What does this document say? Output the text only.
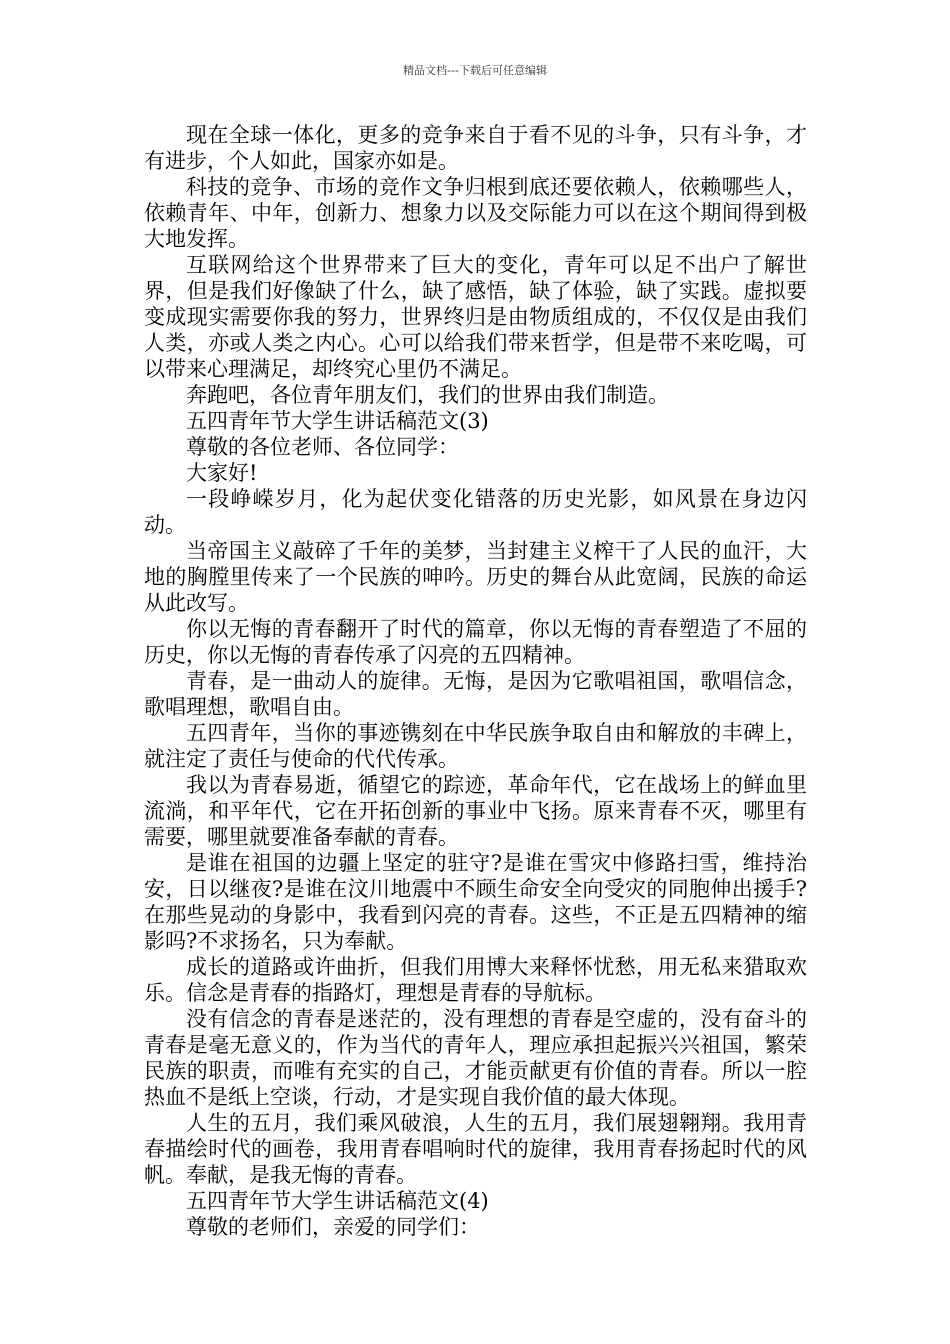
精品文档---下载后可任意编辑

现在全球一体化，更多的竞争来自于看不见的斗争，只有斗争，才有进步，个人如此，国家亦如是。

科技的竞争、市场的竞作文争归根到底还要依赖人，依赖哪些人，依赖青年、中年，创新力、想象力以及交际能力可以在这个期间得到极大地发挥。

互联网给这个世界带来了巨大的变化，青年可以足不出户了解世界，但是我们好像缺了什么，缺了感悟，缺了体验，缺了实践。虚拟要变成现实需要你我的努力，世界终归是由物质组成的，不仅仅是由我们人类，亦或人类之内心。心可以给我们带来哲学，但是带不来吃喝，可以带来心理满足，却终究心里仍不满足。

奔跑吧，各位青年朋友们，我们的世界由我们制造。

五四青年节大学生讲话稿范文(3)

尊敬的各位老师、各位同学：

大家好!

一段峥嵘岁月，化为起伏变化错落的历史光影，如风景在身边闪动。

当帝国主义敲碎了千年的美梦，当封建主义榨干了人民的血汗，大地的胸膛里传来了一个民族的呻吟。历史的舞台从此宽阔，民族的命运从此改写。

你以无悔的青春翻开了时代的篇章，你以无悔的青春塑造了不屈的历史，你以无悔的青春传承了闪亮的五四精神。

青春，是一曲动人的旋律。无悔，是因为它歌唱祖国，歌唱信念，歌唱理想，歌唱自由。

五四青年，当你的事迹镌刻在中华民族争取自由和解放的丰碑上，就注定了责任与使命的代代传承。

我以为青春易逝，循望它的踪迹，革命年代，它在战场上的鲜血里流淌，和平年代，它在开拓创新的事业中飞扬。原来青春不灭，哪里有需要，哪里就要准备奉献的青春。

是谁在祖国的边疆上坚定的驻守?是谁在雪灾中修路扫雪，维持治安，日以继夜?是谁在汶川地震中不顾生命安全向受灾的同胞伸出援手?在那些晃动的身影中，我看到闪亮的青春。这些，不正是五四精神的缩影吗?不求扬名，只为奉献。

成长的道路或许曲折，但我们用博大来释怀忧愁，用无私来猎取欢乐。信念是青春的指路灯，理想是青春的导航标。

没有信念的青春是迷茫的，没有理想的青春是空虚的，没有奋斗的青春是毫无意义的，作为当代的青年人，理应承担起振兴兴祖国，繁荣民族的职责，而唯有充实的自己，才能贡献更有价值的青春。所以一腔热血不是纸上空谈，行动，才是实现自我价值的最大体现。

人生的五月，我们乘风破浪，人生的五月，我们展翅翱翔。我用青春描绘时代的画卷，我用青春唱响时代的旋律，我用青春扬起时代的风帆。奉献，是我无悔的青春。

五四青年节大学生讲话稿范文(4)

尊敬的老师们，亲爱的同学们：
